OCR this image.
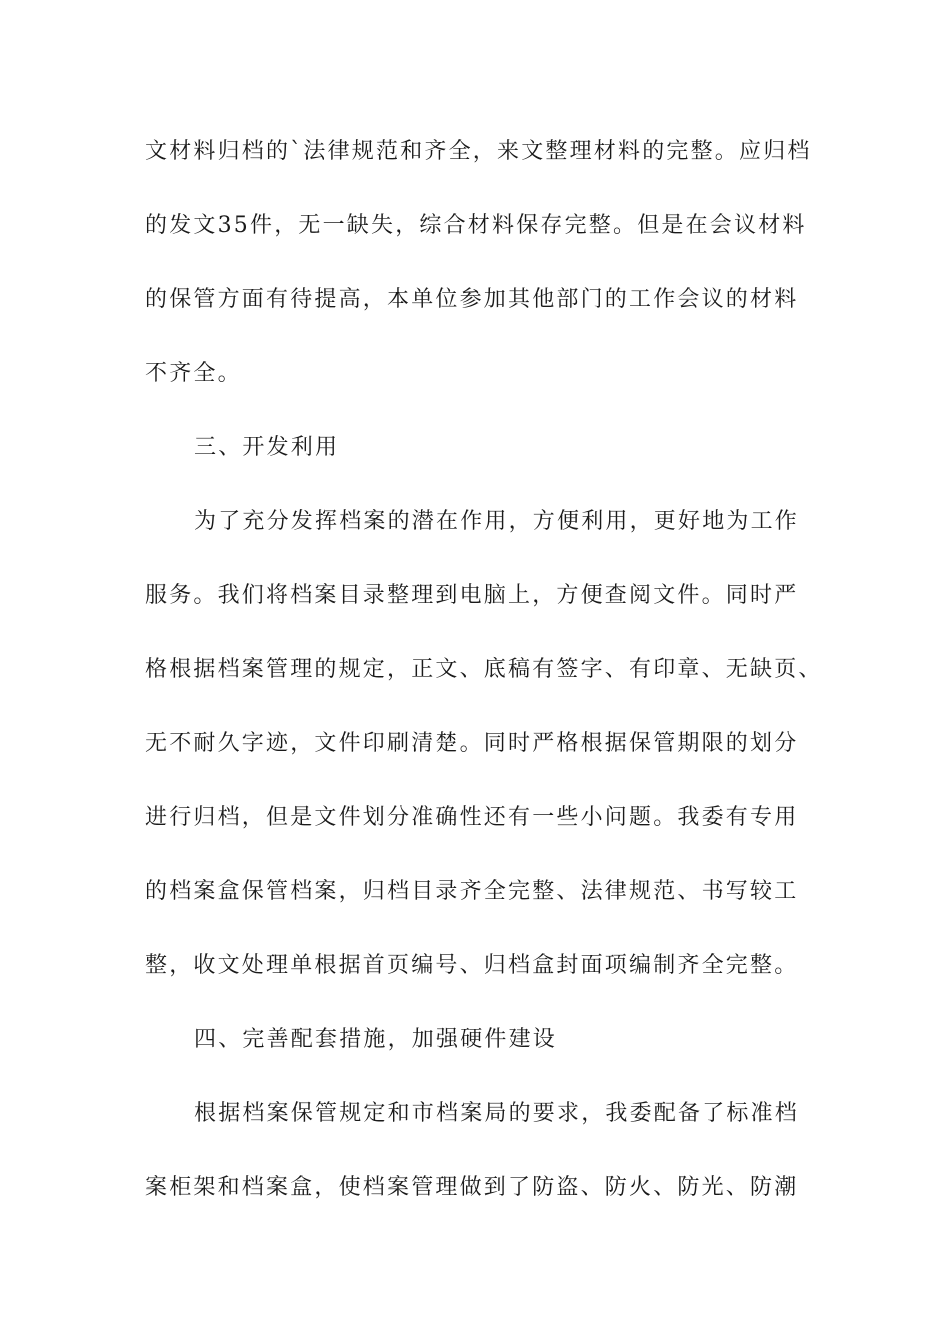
文材料归档的`法律规范和齐全，来文整理材料的完整。应归档
的发文35件，无一缺失，综合材料保存完整。但是在会议材料
的保管方面有待提高，本单位参加其他部门的工作会议的材料
不齐全。
三、开发利用
为了充分发挥档案的潜在作用，方便利用，更好地为工作
服务。我们将档案目录整理到电脑上，方便查阅文件。同时严
格根据档案管理的规定，正文、底稿有签字、有印章、无缺页、
无不耐久字迹，文件印刷清楚。同时严格根据保管期限的划分
进行归档，但是文件划分准确性还有一些小问题。我委有专用
的档案盒保管档案，归档目录齐全完整、法律规范、书写较工
整，收文处理单根据首页编号、归档盒封面项编制齐全完整。
四、完善配套措施，加强硬件建设
根据档案保管规定和市档案局的要求，我委配备了标准档
案柜架和档案盒，使档案管理做到了防盗、防火、防光、防潮
